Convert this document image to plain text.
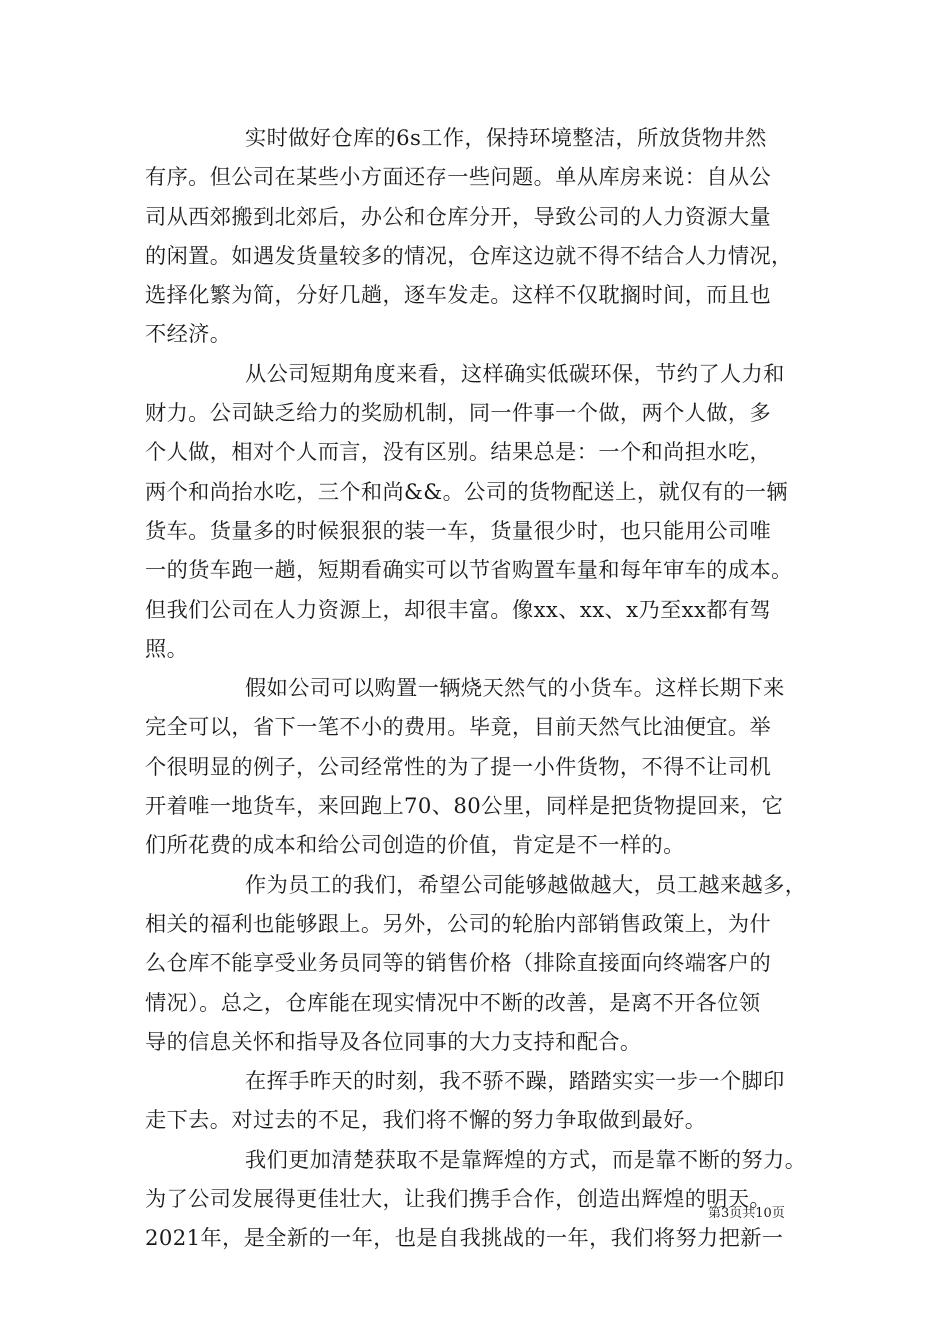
实时做好仓库的6s工作，保持环境整洁，所放货物井然
有序。但公司在某些小方面还存一些问题。单从库房来说：自从公
司从西郊搬到北郊后，办公和仓库分开，导致公司的人力资源大量
的闲置。如遇发货量较多的情况，仓库这边就不得不结合人力情况，
选择化繁为简，分好几趟，逐车发走。这样不仅耽搁时间，而且也
不经济。
从公司短期角度来看，这样确实低碳环保，节约了人力和
财力。公司缺乏给力的奖励机制，同一件事一个做，两个人做，多
个人做，相对个人而言，没有区别。结果总是：一个和尚担水吃，
两个和尚抬水吃，三个和尚&&。公司的货物配送上，就仅有的一辆
货车。货量多的时候狠狠的装一车，货量很少时，也只能用公司唯
一的货车跑一趟，短期看确实可以节省购置车量和每年审车的成本。
但我们公司在人力资源上，却很丰富。像xx、xx、x乃至xx都有驾
照。
假如公司可以购置一辆烧天然气的小货车。这样长期下来
完全可以，省下一笔不小的费用。毕竟，目前天然气比油便宜。举
个很明显的例子，公司经常性的为了提一小件货物，不得不让司机
开着唯一地货车，来回跑上70、80公里，同样是把货物提回来，它
们所花费的成本和给公司创造的价值，肯定是不一样的。
作为员工的我们，希望公司能够越做越大，员工越来越多，
相关的福利也能够跟上。另外，公司的轮胎内部销售政策上，为什
么仓库不能享受业务员同等的销售价格（排除直接面向终端客户的
情况）。总之，仓库能在现实情况中不断的改善，是离不开各位领
导的信息关怀和指导及各位同事的大力支持和配合。
在挥手昨天的时刻，我不骄不躁，踏踏实实一步一个脚印
走下去。对过去的不足，我们将不懈的努力争取做到最好。
我们更加清楚获取不是靠辉煌的方式，而是靠不断的努力。
为了公司发展得更佳壮大，让我们携手合作，创造出辉煌的明天。
2021年，是全新的一年，也是自我挑战的一年，我们将努力把新一
第3页共10页
